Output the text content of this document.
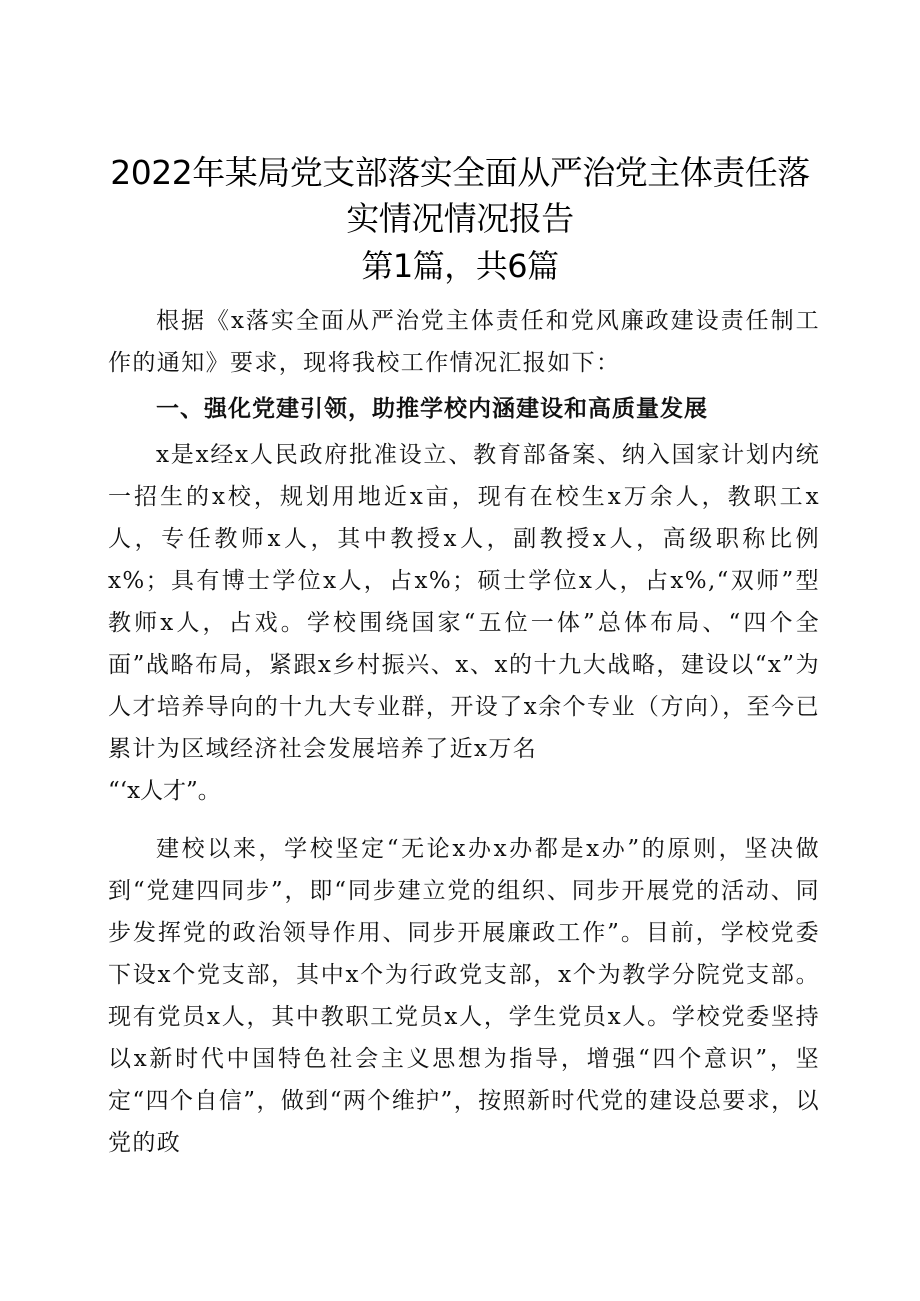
2022年某局党支部落实全面从严治党主体责任落
实情况情况报告
第1篇，共6篇

根据《x落实全面从严治党主体责任和党风廉政建设责任制工作的通知》要求，现将我校工作情况汇报如下：

一、强化党建引领，助推学校内涵建设和高质量发展

x是x经x人民政府批准设立、教育部备案、纳入国家计划内统一招生的x校，规划用地近x亩，现有在校生x万余人，教职工x人，专任教师x人，其中教授x人，副教授x人，高级职称比例x%；具有博士学位x人，占x%；硕士学位x人，占x%,“双师”型教师x人，占戏。学校围绕国家“五位一体”总体布局、“四个全面”战略布局，紧跟x乡村振兴、x、x的十九大战略，建设以“x”为人才培养导向的十九大专业群，开设了x余个专业（方向），至今已累计为区域经济社会发展培养了近x万名

“‘x人才”。

建校以来，学校坚定“无论x办x办都是x办”的原则，坚决做到“党建四同步”，即“同步建立党的组织、同步开展党的活动、同步发挥党的政治领导作用、同步开展廉政工作”。目前，学校党委下设x个党支部，其中x个为行政党支部，x个为教学分院党支部。现有党员x人，其中教职工党员x人，学生党员x人。学校党委坚持以x新时代中国特色社会主义思想为指导，增强“四个意识”，坚定“四个自信”，做到“两个维护”，按照新时代党的建设总要求，以党的政
